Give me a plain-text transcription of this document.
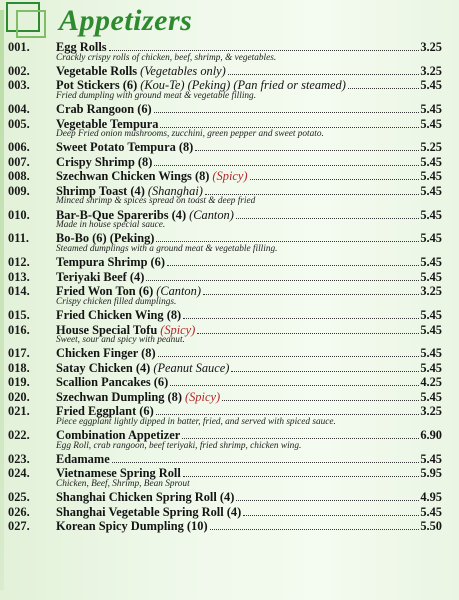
Appetizers
001.	Egg Rolls	3.25
Crackly crispy rolls of chicken, beef, shrimp, & vegetables.
002.	Vegetable Rolls (Vegetables only)	3.25
003.	Pot Stickers (6) (Kou-Te) (Peking) (Pan fried or steamed)	5.45
Fried dumpling with ground meat & vegetable filling.
004.	Crab Rangoon (6)	5.45
005.	Vegetable Tempura	5.45
Deep Fried onion mushrooms, zucchini, green pepper and sweet potato.
006.	Sweet Potato Tempura (8)	5.25
007.	Crispy Shrimp (8)	5.45
008.	Szechwan Chicken Wings (8) (Spicy)	5.45
009.	Shrimp Toast (4) (Shanghai)	5.45
Minced shrimp & spices spread on toast & deep fried
010.	Bar-B-Que Spareribs (4) (Canton)	5.45
Made in house special sauce.
011.	Bo-Bo (6) (Peking)	5.45
Steamed dumplings with a ground meat & vegetable filling.
012.	Tempura Shrimp (6)	5.45
013.	Teriyaki Beef (4)	5.45
014.	Fried Won Ton (6) (Canton)	3.25
Crispy chicken filled dumplings.
015.	Fried Chicken Wing (8)	5.45
016.	House Special Tofu (Spicy)	5.45
Sweet, sour and spicy with peanut.
017.	Chicken Finger (8)	5.45
018.	Satay Chicken (4) (Peanut Sauce)	5.45
019.	Scallion Pancakes (6)	4.25
020.	Szechwan Dumpling (8) (Spicy)	5.45
021.	Fried Eggplant (6)	3.25
Piece eggplant lightly dipped in batter, fried, and served with spiced sauce.
022.	Combination Appetizer	6.90
Egg Roll, crab rangoon, beef teriyaki, fried shrimp, chicken wing.
023.	Edamame	5.45
024.	Vietnamese Spring Roll	5.95
Chicken, Beef, Shrimp, Bean Sprout
025.	Shanghai Chicken Spring Roll (4)	4.95
026.	Shanghai Vegetable Spring Roll (4)	5.45
027.	Korean Spicy Dumpling (10)	5.50
